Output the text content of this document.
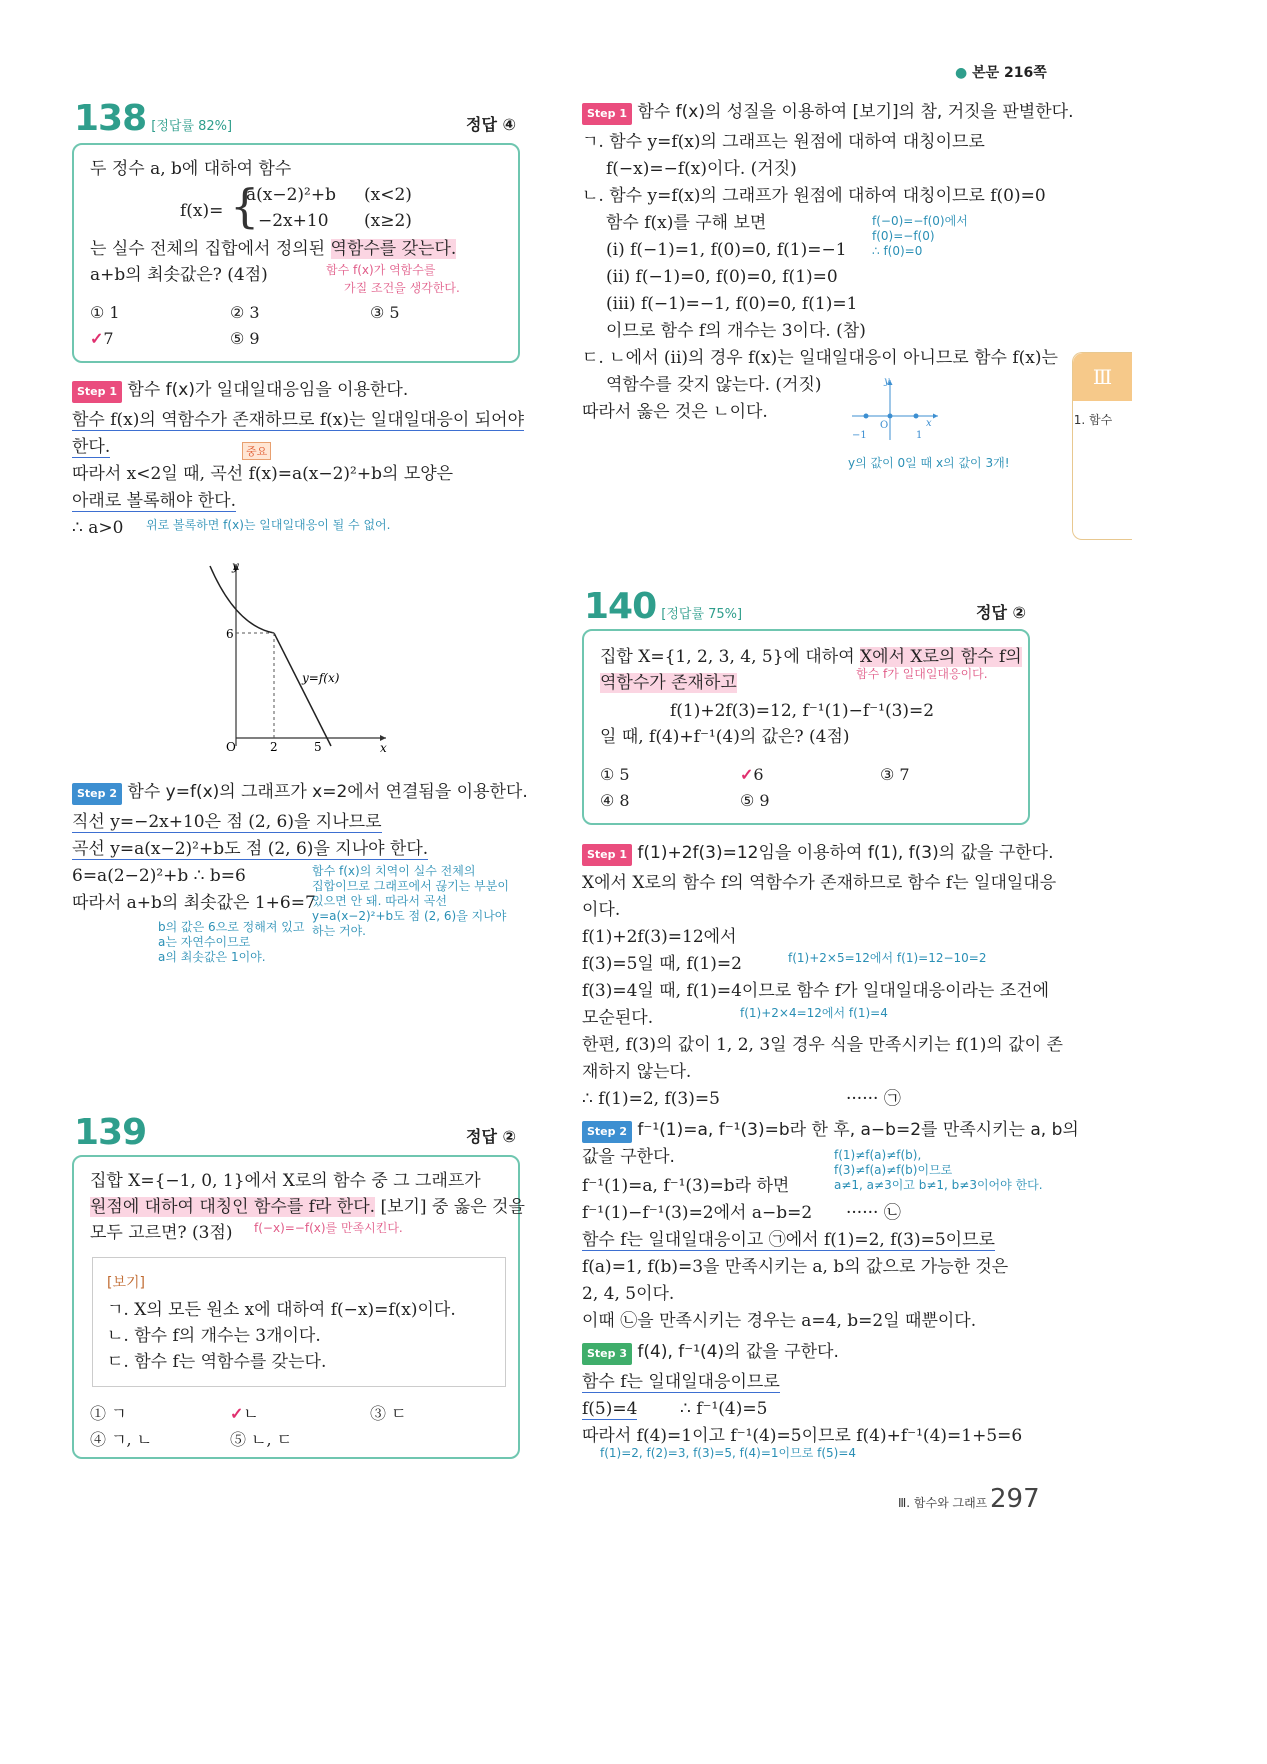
● 본문 216쪽
Ⅲ
1. 함수
138 [정답률 82%]	정답 ④
두 정수 a, b에 대하여 함수
f(x)= {
a(x−2)²+b (x<2)
−2x+10 (x≥2)
는 실수 전체의 집합에서 정의된 역함수를 갖는다.
a+b의 최솟값은? (4점)	함수 f(x)가 역함수를
가질 조건을 생각한다.
① 1	② 3	③ 5
✓7	⑤ 9
Step 1 함수 f(x)가 일대일대응임을 이용한다.
함수 f(x)의 역함수가 존재하므로 f(x)는 일대일대응이 되어야
한다.	중요
따라서 x<2일 때, 곡선 f(x)=a(x−2)²+b의 모양은
아래로 볼록해야 한다.
∴ a>0 위로 볼록하면 f(x)는 일대일대응이 될 수 없어.
y
x
O
6
2	5
y=f(x)
Step 2 함수 y=f(x)의 그래프가 x=2에서 연결됨을 이용한다.
직선 y=−2x+10은 점 (2, 6)을 지나므로
곡선 y=a(x−2)²+b도 점 (2, 6)을 지나야 한다.
6=a(2−2)²+b ∴ b=6
따라서 a+b의 최솟값은 1+6=7
함수 f(x)의 치역이 실수 전체의
집합이므로 그래프에서 끊기는 부분이
있으면 안 돼. 따라서 곡선
y=a(x−2)²+b도 점 (2, 6)을 지나야
하는 거야.
b의 값은 6으로 정해져 있고
a는 자연수이므로
a의 최솟값은 1이야.
139	정답 ②
집합 X={−1, 0, 1}에서 X로의 함수 중 그 그래프가
원점에 대하여 대칭인 함수를 f라 한다. [보기] 중 옳은 것을
모두 고르면? (3점) f(−x)=−f(x)를 만족시킨다.
[보기]
ㄱ. X의 모든 원소 x에 대하여 f(−x)=f(x)이다.
ㄴ. 함수 f의 개수는 3개이다.
ㄷ. 함수 f는 역함수를 갖는다.
① ㄱ	✓ㄴ	③ ㄷ
④ ㄱ, ㄴ	⑤ ㄴ, ㄷ
Step 1 함수 f(x)의 성질을 이용하여 [보기]의 참, 거짓을 판별한다.
ㄱ. 함수 y=f(x)의 그래프는 원점에 대하여 대칭이므로
f(−x)=−f(x)이다. (거짓)
ㄴ. 함수 y=f(x)의 그래프가 원점에 대하여 대칭이므로 f(0)=0
함수 f(x)를 구해 보면	f(−0)=−f(0)에서
f(0)=−f(0)
∴ f(0)=0
(i) f(−1)=1, f(0)=0, f(1)=−1
(ii) f(−1)=0, f(0)=0, f(1)=0
(iii) f(−1)=−1, f(0)=0, f(1)=1
이므로 함수 f의 개수는 3이다. (참)
ㄷ. ㄴ에서 (ii)의 경우 f(x)는 일대일대응이 아니므로 함수 f(x)는
역함수를 갖지 않는다. (거짓)
따라서 옳은 것은 ㄴ이다.
y
x
O
−1	1
y의 값이 0일 때 x의 값이 3개!
140 [정답률 75%]	정답 ②
집합 X={1, 2, 3, 4, 5}에 대하여 X에서 X로의 함수 f의
함수 f가 일대일대응이다.
역함수가 존재하고
f(1)+2f(3)=12, f⁻¹(1)−f⁻¹(3)=2
일 때, f(4)+f⁻¹(4)의 값은? (4점)
① 5	✓6	③ 7
④ 8	⑤ 9
Step 1 f(1)+2f(3)=12임을 이용하여 f(1), f(3)의 값을 구한다.
X에서 X로의 함수 f의 역함수가 존재하므로 함수 f는 일대일대응
이다.
f(1)+2f(3)=12에서
f(3)=5일 때, f(1)=2	f(1)+2×5=12에서 f(1)=12−10=2
f(3)=4일 때, f(1)=4이므로 함수 f가 일대일대응이라는 조건에
모순된다.	f(1)+2×4=12에서 f(1)=4
한편, f(3)의 값이 1, 2, 3일 경우 식을 만족시키는 f(1)의 값이 존
재하지 않는다.
∴ f(1)=2, f(3)=5	······ ㉠
Step 2 f⁻¹(1)=a, f⁻¹(3)=b라 한 후, a−b=2를 만족시키는 a, b의
값을 구한다.
f⁻¹(1)=a, f⁻¹(3)=b라 하면
f⁻¹(1)−f⁻¹(3)=2에서 a−b=2 ······ ㉡
f(1)≠f(a)≠f(b),
f(3)≠f(a)≠f(b)이므로
a≠1, a≠3이고 b≠1, b≠3이어야 한다.
함수 f는 일대일대응이고 ㉠에서 f(1)=2, f(3)=5이므로
f(a)=1, f(b)=3을 만족시키는 a, b의 값으로 가능한 것은
2, 4, 5이다.
이때 ㉡을 만족시키는 경우는 a=4, b=2일 때뿐이다.
Step 3 f(4), f⁻¹(4)의 값을 구한다.
함수 f는 일대일대응이므로
f(5)=4	∴ f⁻¹(4)=5
따라서 f(4)=1이고 f⁻¹(4)=5이므로 f(4)+f⁻¹(4)=1+5=6
f(1)=2, f(2)=3, f(3)=5, f(4)=1이므로 f(5)=4
Ⅲ. 함수와 그래프 297
